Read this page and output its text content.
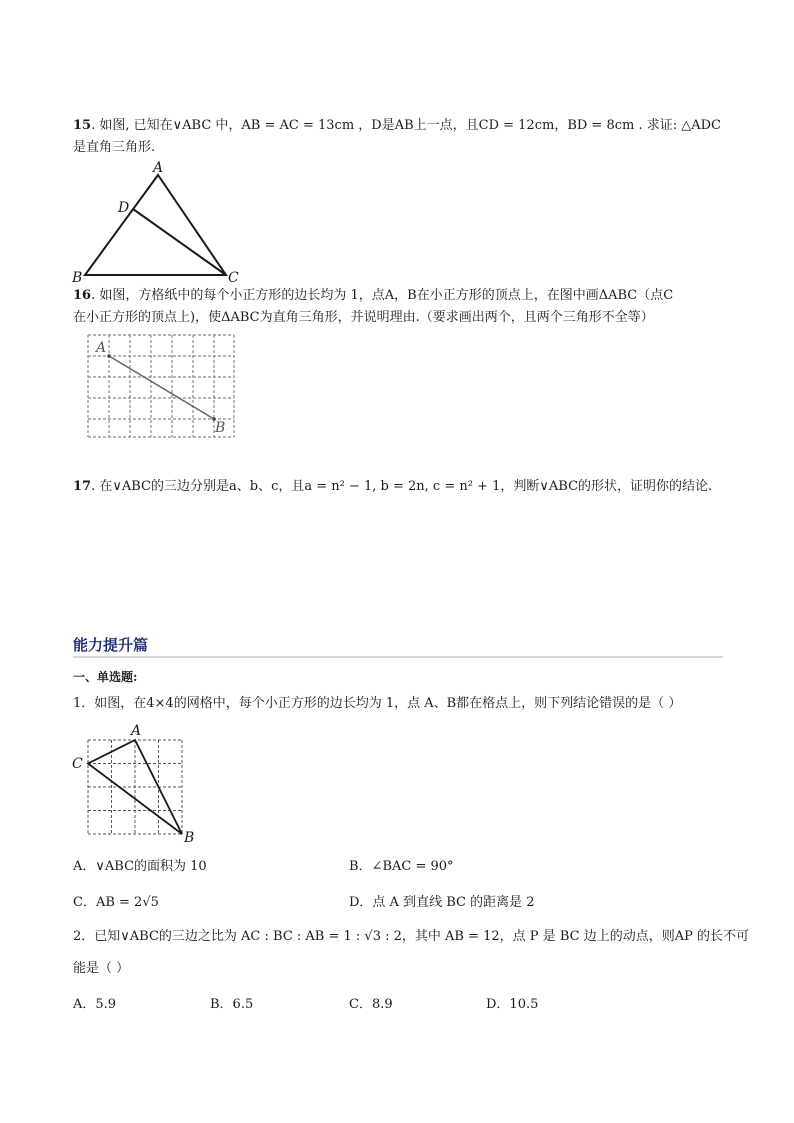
15. 如图, 已知在∨ABC 中，AB = AC = 13cm ，D是AB上一点，且CD = 12cm，BD = 8cm . 求证: △ADC
是直角三角形.
A
D
B	C
16. 如图，方格纸中的每个小正方形的边长均为 1，点A，B在小正方形的顶点上，在图中画ΔABC（点C
在小正方形的顶点上)，使ΔABC为直角三角形，并说明理由.（要求画出两个，且两个三角形不全等）
A
B
17. 在∨ABC的三边分别是a、b、c，且a = n² − 1, b = 2n, c = n² + 1，判断∨ABC的形状，证明你的结论.
能力提升篇
一、单选题:
1．如图，在4×4的网格中，每个小正方形的边长均为 1，点 A、B都在格点上，则下列结论错误的是（ ）
A
C
B
A．∨ABC的面积为 10	B．∠BAC = 90°
C．AB = 2√5	D．点 A 到直线 BC 的距离是 2
2．已知∨ABC的三边之比为 AC : BC : AB = 1 : √3 : 2，其中 AB = 12，点 P 是 BC 边上的动点，则AP 的长不可
能是（ ）
A．5.9	B．6.5	C．8.9	D．10.5
